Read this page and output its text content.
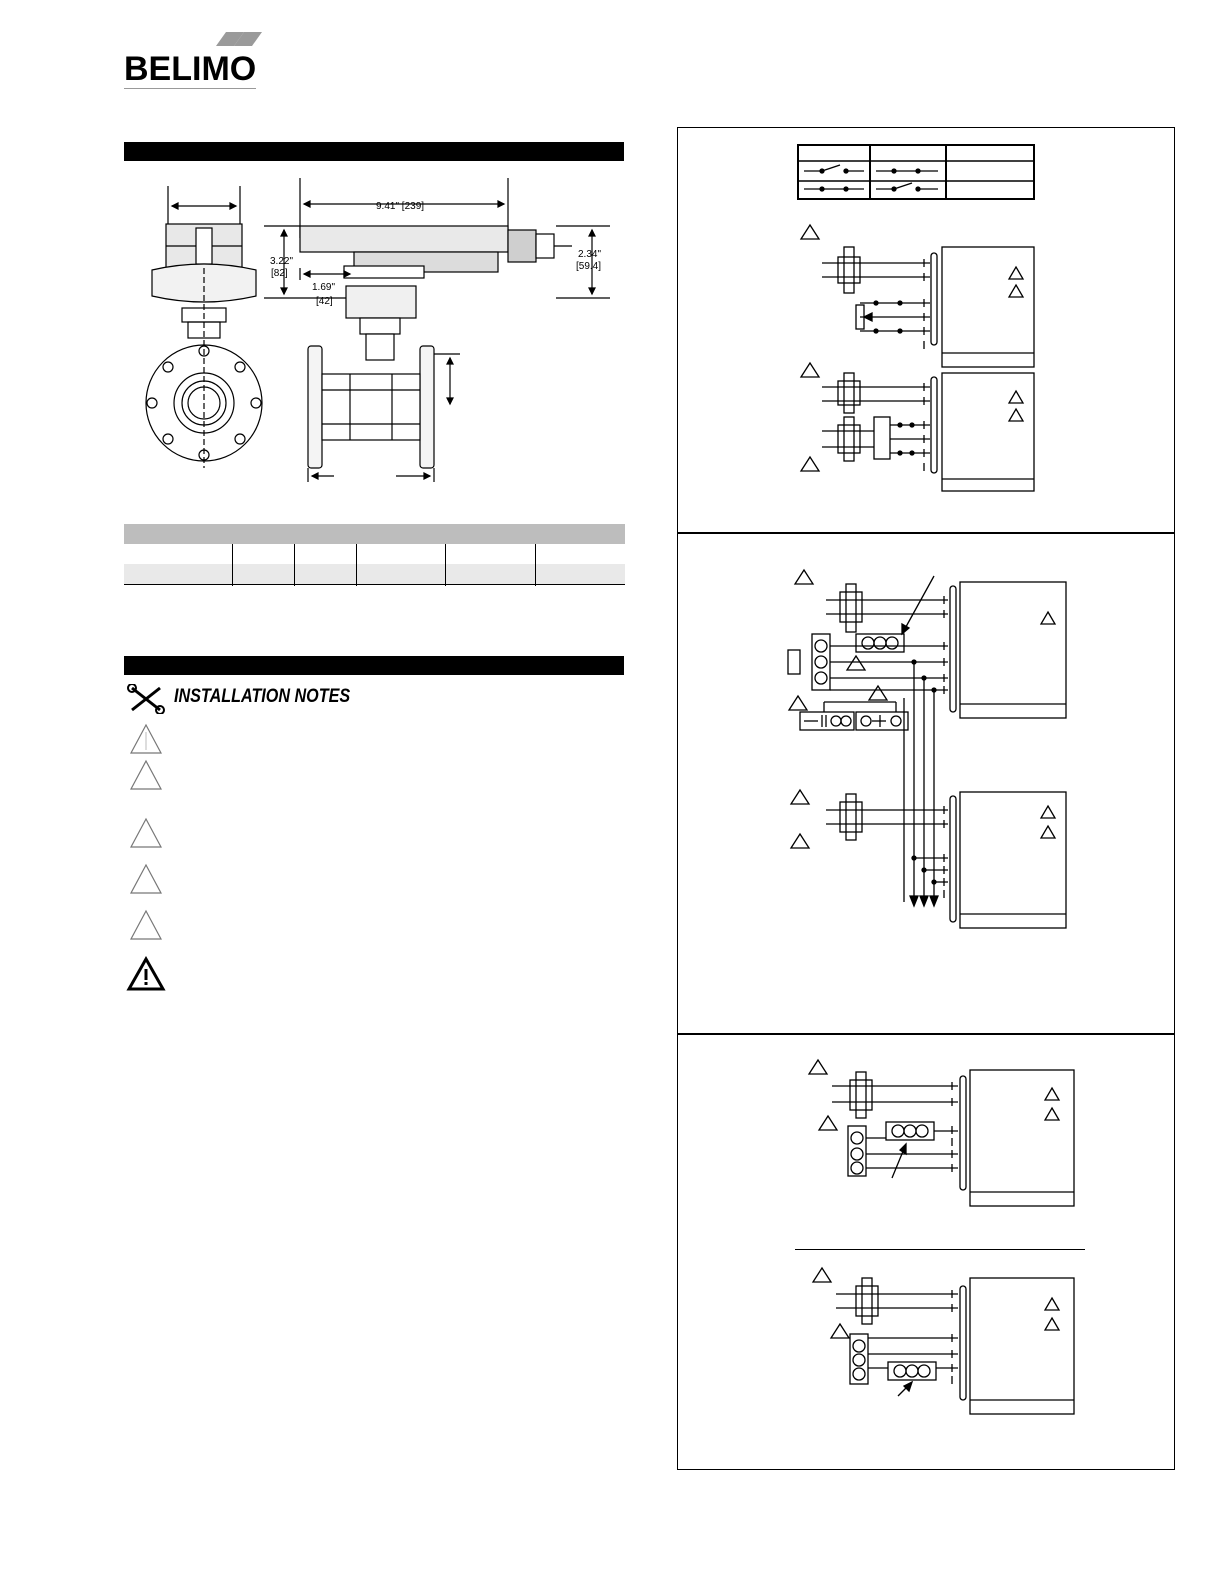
BELIMO
9.41" [239]
3.22"
[82]
1.69"
[42]
2.34"
[59.4]
INSTALLATION NOTES
